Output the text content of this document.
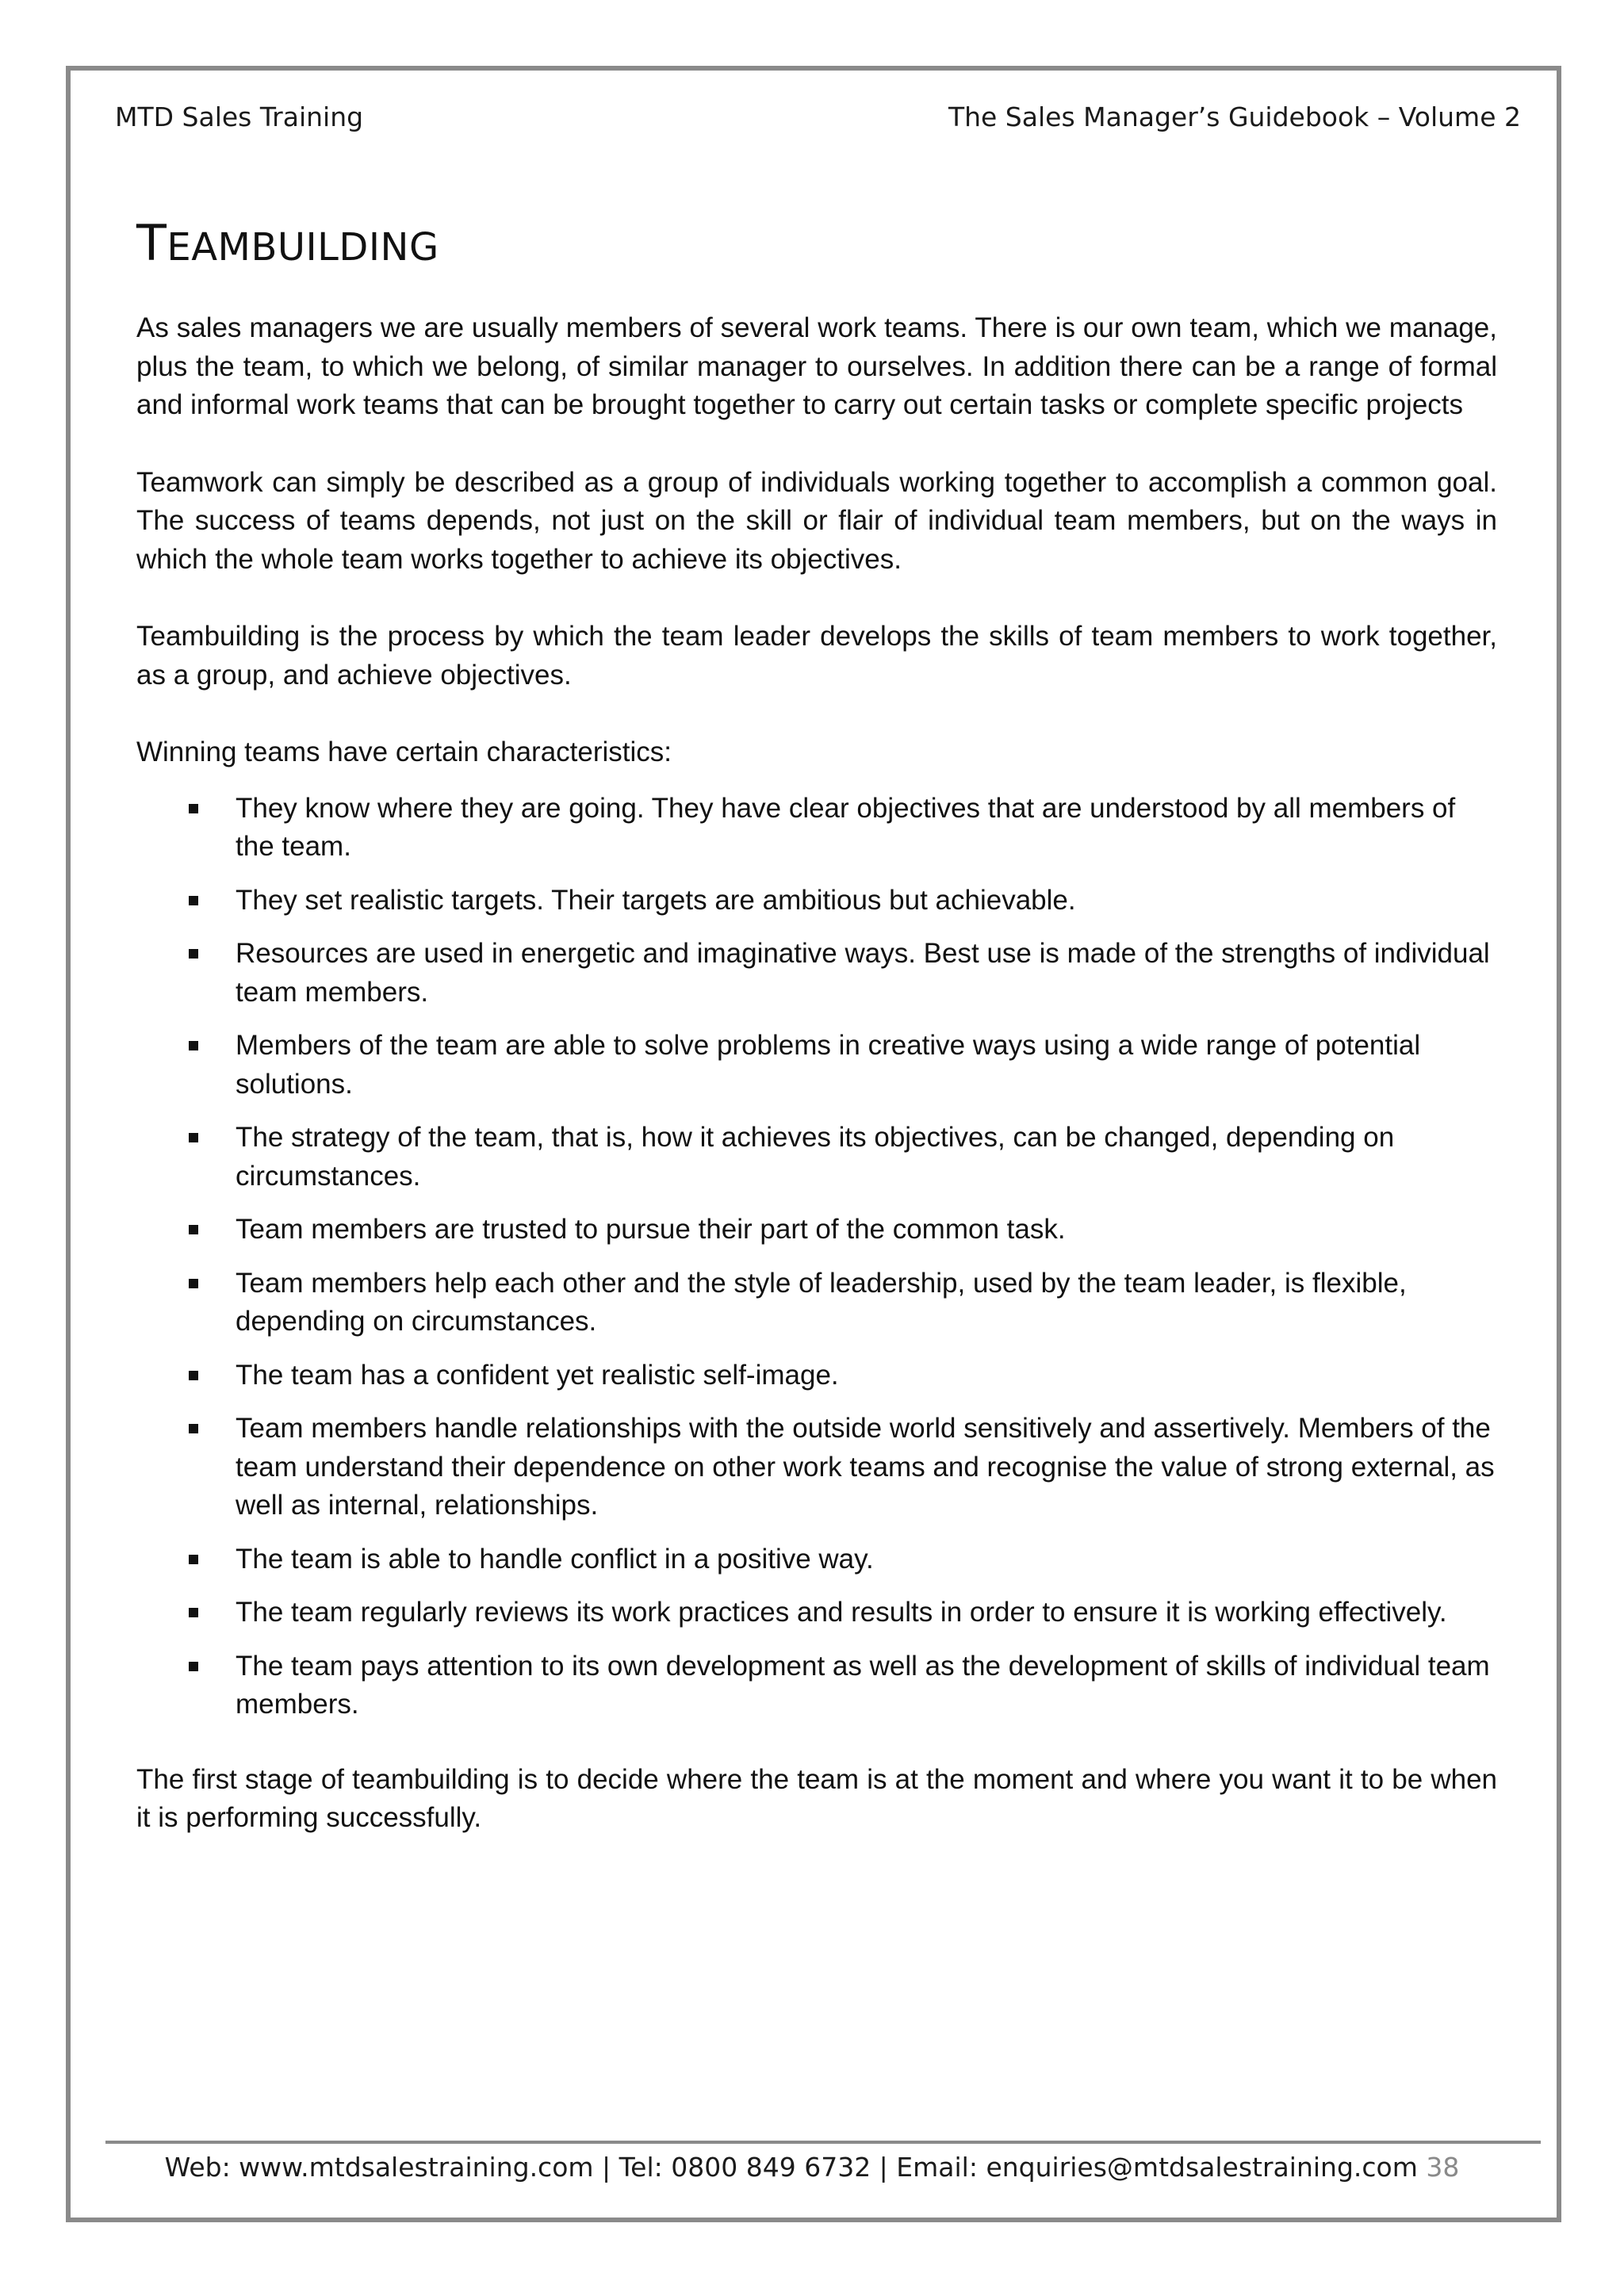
MTD Sales Training	The Sales Manager’s Guidebook – Volume 2
TEAMBUILDING

As sales managers we are usually members of several work teams. There is our own team, which we manage, plus the team, to which we belong, of similar manager to ourselves. In addition there can be a range of formal and informal work teams that can be brought together to carry out certain tasks or complete specific projects

Teamwork can simply be described as a group of individuals working together to accomplish a common goal. The success of teams depends, not just on the skill or flair of individual team members, but on the ways in which the whole team works together to achieve its objectives.

Teambuilding is the process by which the team leader develops the skills of team members to work together, as a group, and achieve objectives.

Winning teams have certain characteristics:

They know where they are going. They have clear objectives that are understood by all members of the team.
They set realistic targets. Their targets are ambitious but achievable.
Resources are used in energetic and imaginative ways. Best use is made of the strengths of individual team members.
Members of the team are able to solve problems in creative ways using a wide range of potential solutions.
The strategy of the team, that is, how it achieves its objectives, can be changed, depending on circumstances.
Team members are trusted to pursue their part of the common task.
Team members help each other and the style of leadership, used by the team leader, is flexible, depending on circumstances.
The team has a confident yet realistic self-image.
Team members handle relationships with the outside world sensitively and assertively. Members of the team understand their dependence on other work teams and recognise the value of strong external, as well as internal, relationships.
The team is able to handle conflict in a positive way.
The team regularly reviews its work practices and results in order to ensure it is working effectively.
The team pays attention to its own development as well as the development of skills of individual team members.

The first stage of teambuilding is to decide where the team is at the moment and where you want it to be when it is performing successfully.

Web: www.mtdsalestraining.com | Tel: 0800 849 6732 | Email: enquiries@mtdsalestraining.com 38
